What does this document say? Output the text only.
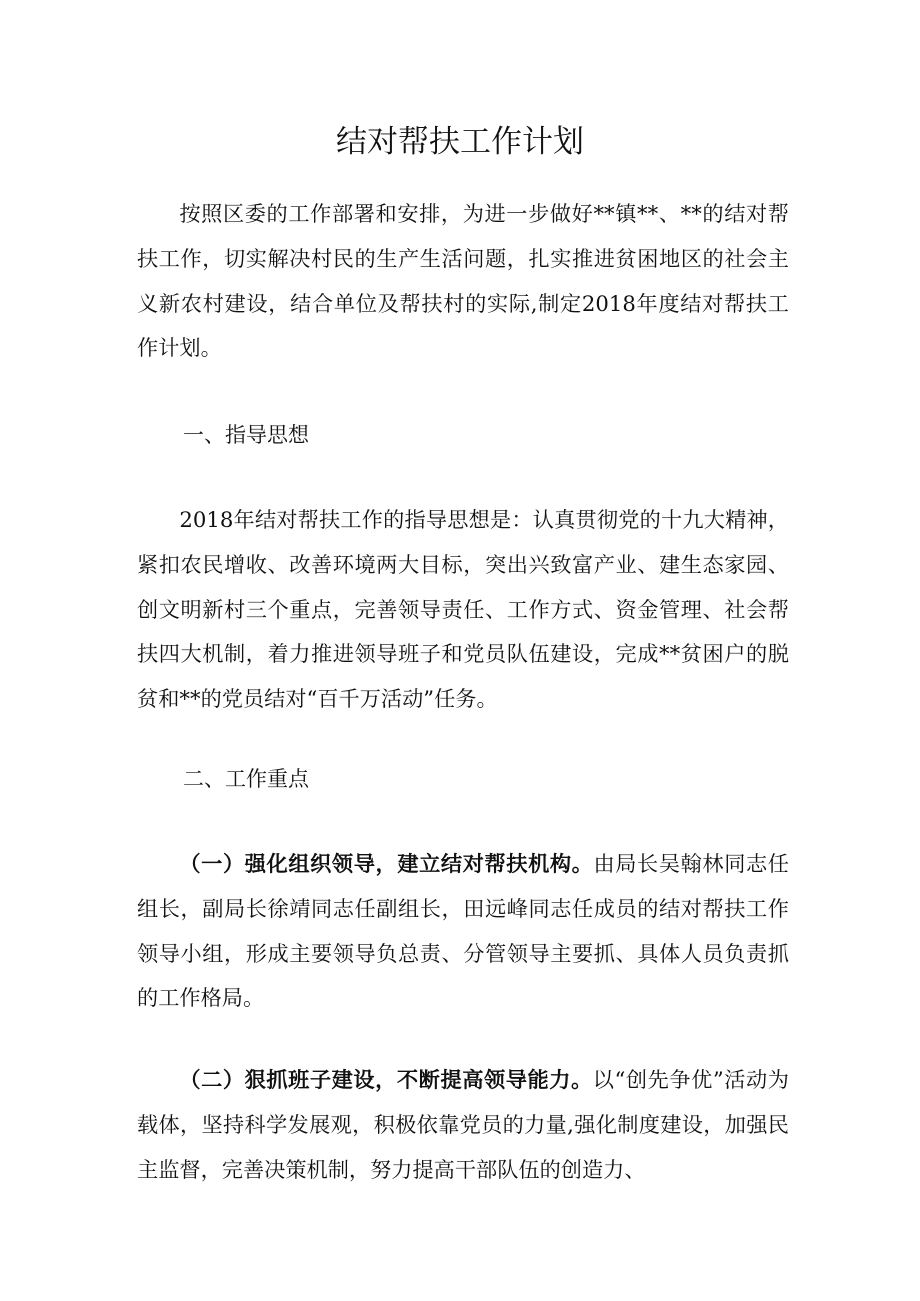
结对帮扶工作计划

按照区委的工作部署和安排，为进一步做好**镇**、**的结对帮扶工作，切实解决村民的生产生活问题，扎实推进贫困地区的社会主义新农村建设，结合单位及帮扶村的实际,制定2018年度结对帮扶工作计划。

一、指导思想

2018年结对帮扶工作的指导思想是：认真贯彻党的十九大精神，紧扣农民增收、改善环境两大目标，突出兴致富产业、建生态家园、创文明新村三个重点，完善领导责任、工作方式、资金管理、社会帮扶四大机制，着力推进领导班子和党员队伍建设，完成**贫困户的脱贫和**的党员结对“百千万活动”任务。

二、工作重点

（一）强化组织领导，建立结对帮扶机构。由局长吴翰林同志任组长，副局长徐靖同志任副组长，田远峰同志任成员的结对帮扶工作领导小组，形成主要领导负总责、分管领导主要抓、具体人员负责抓的工作格局。

（二）狠抓班子建设，不断提高领导能力。以“创先争优”活动为载体，坚持科学发展观，积极依靠党员的力量,强化制度建设，加强民主监督，完善决策机制，努力提高干部队伍的创造力、
